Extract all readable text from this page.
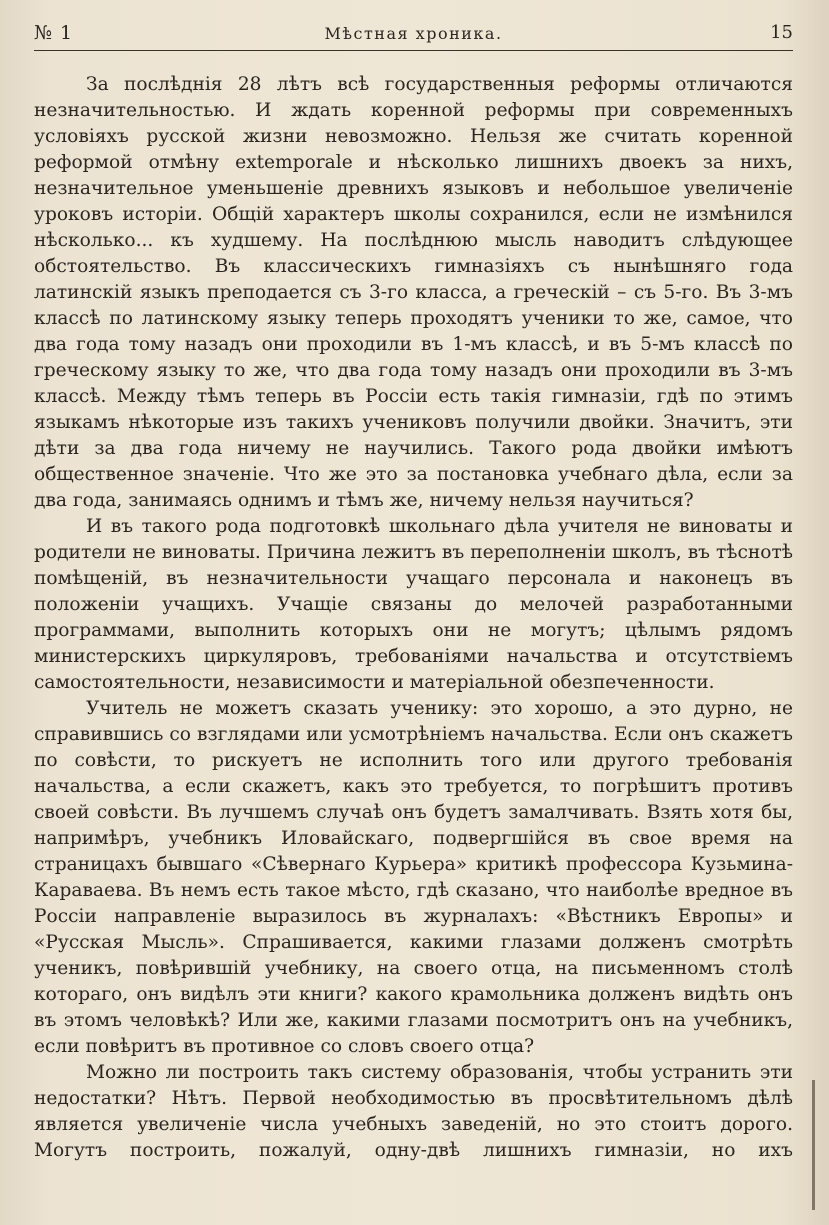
№ 1	Мѣстная хроника.	15

За послѣднія 28 лѣтъ всѣ государственныя реформы отличаются незначительностью. И ждать коренной реформы при современныхъ условіяхъ русской жизни невозможно. Нельзя же считать коренной реформой отмѣну extemporale и нѣсколько лишнихъ двоекъ за нихъ, незначительное уменьшеніе древнихъ языковъ и небольшое увеличеніе уроковъ исторіи. Общій характеръ школы сохранился, если не измѣнился нѣсколько... къ худшему. На послѣднюю мысль наводитъ слѣдующее обстоятельство. Въ классическихъ гимназіяхъ съ нынѣшняго года латинскій языкъ преподается съ 3-го класса, а греческій – съ 5-го. Въ 3-мъ классѣ по латинскому языку теперь проходятъ ученики то же, самое, что два года тому назадъ они проходили въ 1-мъ классѣ, и въ 5-мъ классѣ по греческому языку то же, что два года тому назадъ они проходили въ 3-мъ классѣ. Между тѣмъ теперь въ Россіи есть такія гимназіи, гдѣ по этимъ языкамъ нѣкоторые изъ такихъ учениковъ получили двойки. Значитъ, эти дѣти за два года ничему не научились. Такого рода двойки имѣютъ общественное значеніе. Что же это за постановка учебнаго дѣла, если за два года, занимаясь однимъ и тѣмъ же, ничему нельзя научиться?

И въ такого рода подготовкѣ школьнаго дѣла учителя не виноваты и родители не виноваты. Причина лежитъ въ переполненіи школъ, въ тѣснотѣ помѣщеній, въ незначительности учащаго персонала и наконецъ въ положеніи учащихъ. Учащіе связаны до мелочей разработанными программами, выполнить которыхъ они не могутъ; цѣлымъ рядомъ министерскихъ циркуляровъ, требованіями начальства и отсутствіемъ самостоятельности, независимости и матеріальной обезпеченности.

Учитель не можетъ сказать ученику: это хорошо, а это дурно, не справившись со взглядами или усмотрѣніемъ начальства. Если онъ скажетъ по совѣсти, то рискуетъ не исполнить того или другого требованія начальства, а если скажетъ, какъ это требуется, то погрѣшитъ противъ своей совѣсти. Въ лучшемъ случаѣ онъ будетъ замалчивать. Взять хотя бы, напримѣръ, учебникъ Иловайскаго, подвергшійся въ свое время на страницахъ бывшаго «Сѣвернаго Курьера» критикѣ профессора Кузьмина-Караваева. Въ немъ есть такое мѣсто, гдѣ сказано, что наиболѣе вредное въ Россіи направленіе выразилось въ журналахъ: «Вѣстникъ Европы» и «Русская Мысль». Спрашивается, какими глазами долженъ смотрѣть ученикъ, повѣрившій учебнику, на своего отца, на письменномъ столѣ котораго, онъ видѣлъ эти книги? какого крамольника долженъ видѣть онъ въ этомъ человѣкѣ? Или же, какими глазами посмотритъ онъ на учебникъ, если повѣритъ въ противное со словъ своего отца?

Можно ли построить такъ систему образованія, чтобы устранить эти недостатки? Нѣтъ. Первой необходимостью въ просвѣтительномъ дѣлѣ является увеличеніе числа учебныхъ заведеній, но это стоитъ дорого. Могутъ построить, пожалуй, одну-двѣ лишнихъ гимназіи, но ихъ
